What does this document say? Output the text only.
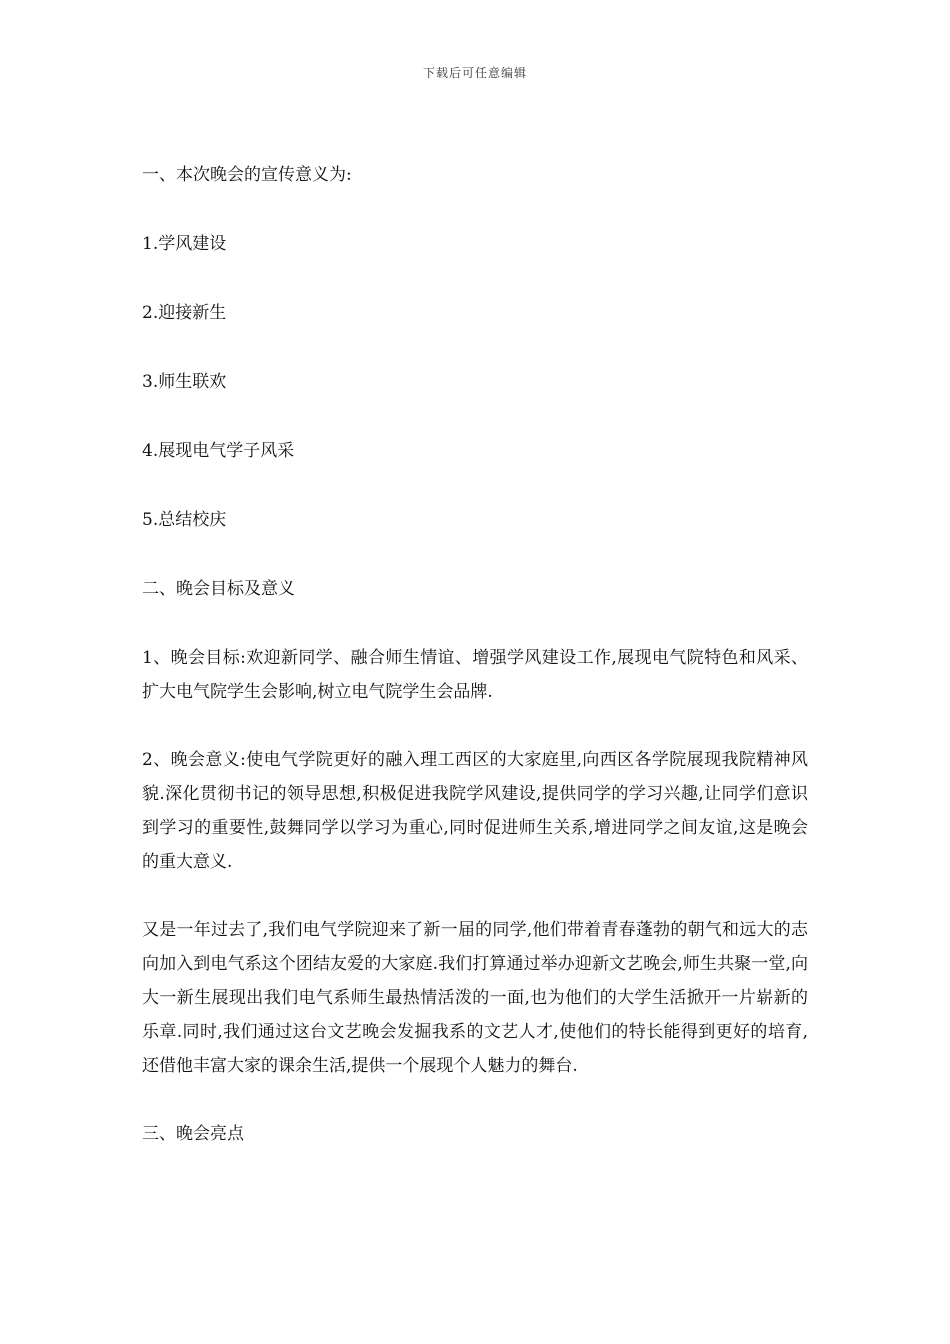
下载后可任意编辑
一、本次晚会的宣传意义为:
1.学风建设
2.迎接新生
3.师生联欢
4.展现电气学子风采
5.总结校庆
二、晚会目标及意义
1、晚会目标:欢迎新同学、融合师生情谊、增强学风建设工作,展现电气院特色和风采、扩大电气院学生会影响,树立电气院学生会品牌.
2、晚会意义:使电气学院更好的融入理工西区的大家庭里,向西区各学院展现我院精神风貌.深化贯彻书记的领导思想,积极促进我院学风建设,提供同学的学习兴趣,让同学们意识到学习的重要性,鼓舞同学以学习为重心,同时促进师生关系,增进同学之间友谊,这是晚会的重大意义.
又是一年过去了,我们电气学院迎来了新一届的同学,他们带着青春蓬勃的朝气和远大的志向加入到电气系这个团结友爱的大家庭.我们打算通过举办迎新文艺晚会,师生共聚一堂,向大一新生展现出我们电气系师生最热情活泼的一面,也为他们的大学生活掀开一片崭新的乐章.同时,我们通过这台文艺晚会发掘我系的文艺人才,使他们的特长能得到更好的培育,还借他丰富大家的课余生活,提供一个展现个人魅力的舞台.
三、晚会亮点
